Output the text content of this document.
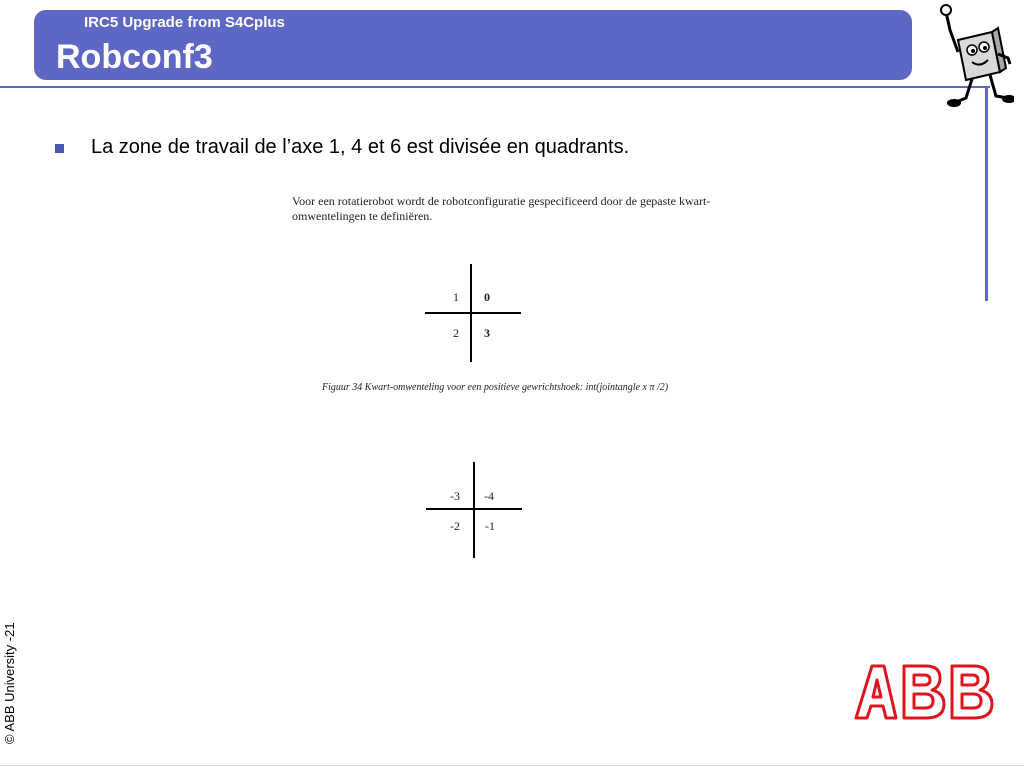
IRC5 Upgrade from S4Cplus
Robconf3
La zone de travail de l’axe 1, 4 et 6 est divisée en quadrants.
Voor een rotatierobot wordt de robotconfiguratie gespecificeerd door de gepaste kwart-
omwentelingen te definiëren.
1 0
2 3
Figuur 34 Kwart-omwenteling voor een positieve gewrichtshoek: int(jointangle x π /2)
-3 -4
-2 -1
© ABB University -21
